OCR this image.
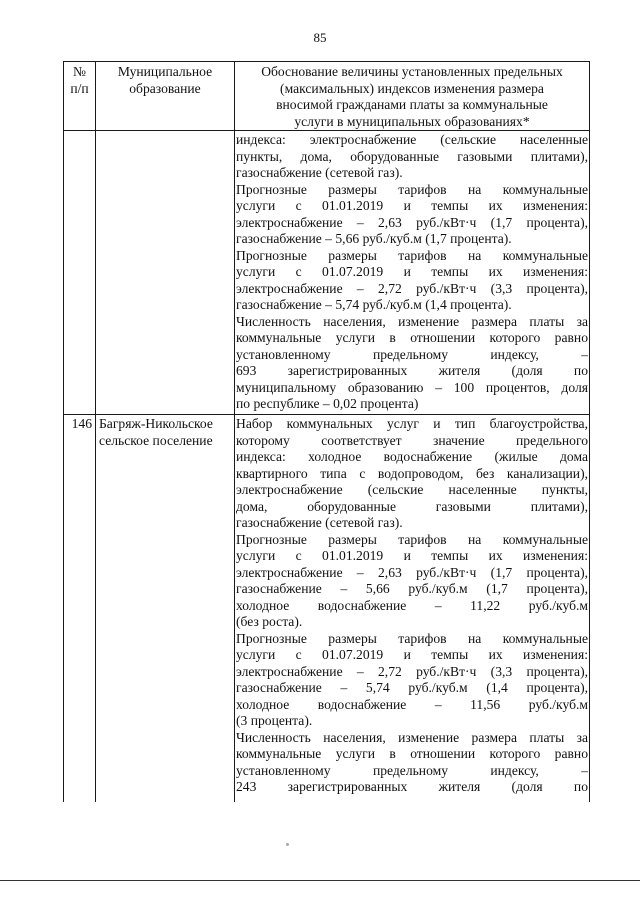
85
№
п/п
Муниципальное
образование
Обоснование величины установленных предельных
(максимальных) индексов изменения размера
вносимой гражданами платы за коммунальные
услуги в муниципальных образованиях*
индекса: электроснабжение (сельские населенные
пункты, дома, оборудованные газовыми плитами),
газоснабжение (сетевой газ).
Прогнозные размеры тарифов на коммунальные
услуги с 01.01.2019 и темпы их изменения:
электроснабжение – 2,63 руб./кВт·ч (1,7 процента),
газоснабжение – 5,66 руб./куб.м (1,7 процента).
Прогнозные размеры тарифов на коммунальные
услуги с 01.07.2019 и темпы их изменения:
электроснабжение – 2,72 руб./кВт·ч (3,3 процента),
газоснабжение – 5,74 руб./куб.м (1,4 процента).
Численность населения, изменение размера платы за
коммунальные услуги в отношении которого равно
установленному предельному индексу, –
693 зарегистрированных жителя (доля по
муниципальному образованию – 100 процентов, доля
по республике – 0,02 процента)
146 Багряж-Никольское
сельское поселение
Набор коммунальных услуг и тип благоустройства,
которому соответствует значение предельного
индекса: холодное водоснабжение (жилые дома
квартирного типа с водопроводом, без канализации),
электроснабжение (сельские населенные пункты,
дома, оборудованные газовыми плитами),
газоснабжение (сетевой газ).
Прогнозные размеры тарифов на коммунальные
услуги с 01.01.2019 и темпы их изменения:
электроснабжение – 2,63 руб./кВт·ч (1,7 процента),
газоснабжение – 5,66 руб./куб.м (1,7 процента),
холодное водоснабжение – 11,22 руб./куб.м
(без роста).
Прогнозные размеры тарифов на коммунальные
услуги с 01.07.2019 и темпы их изменения:
электроснабжение – 2,72 руб./кВт·ч (3,3 процента),
газоснабжение – 5,74 руб./куб.м (1,4 процента),
холодное водоснабжение – 11,56 руб./куб.м
(3 процента).
Численность населения, изменение размера платы за
коммунальные услуги в отношении которого равно
установленному предельному индексу, –
243 зарегистрированных жителя (доля по
